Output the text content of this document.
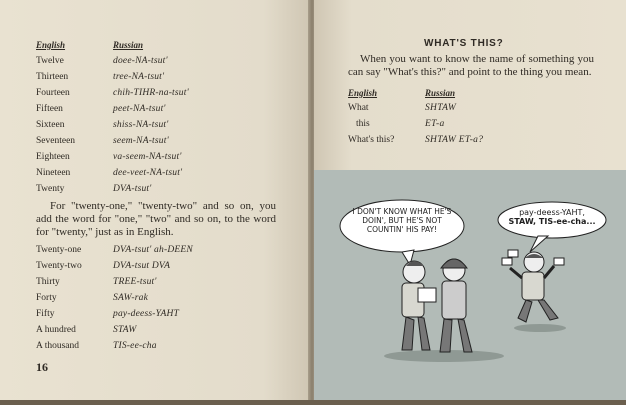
English	Russian
Twelve	doee-NA-tsut'
Thirteen	tree-NA-tsut'
Fourteen	chih-TIHR-na-tsut'
Fifteen	peet-NA-tsut'
Sixteen	shiss-NA-tsut'
Seventeen	seem-NA-tsut'
Eighteen	va-seem-NA-tsut'
Nineteen	dee-veet-NA-tsut'
Twenty	DVA-tsut'
For "twenty-one," "twenty-two" and so on, you add the word for "one," "two" and so on, to the word for "twenty," just as in English.
Twenty-one	DVA-tsut' ah-DEEN
Twenty-two	DVA-tsut DVA
Thirty	TREE-tsut'
Forty	SAW-rak
Fifty	pay-deess-YAHT
A hundred	STAW
A thousand	TIS-ee-cha
16
WHAT'S THIS?
When you want to know the name of something you can say "What's this?" and point to the thing you mean.
English	Russian
What	SHTAW
this	ET-a
What's this?	SHTAW ET-a?
I DON'T KNOW WHAT HE'S
DOIN', BUT HE'S NOT
COUNTIN' HIS PAY!
pay-deess-YAHT,
STAW, TIS-ee-cha...
